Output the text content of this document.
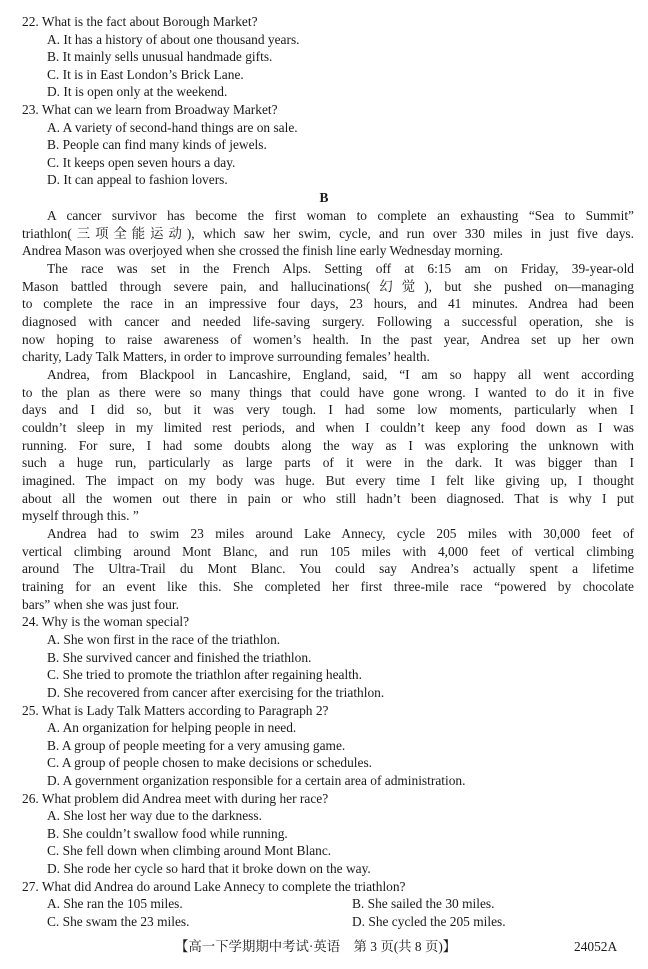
22. What is the fact about Borough Market?
A. It has a history of about one thousand years.
B. It mainly sells unusual handmade gifts.
C. It is in East London’s Brick Lane.
D. It is open only at the weekend.
23. What can we learn from Broadway Market?
A. A variety of second-hand things are on sale.
B. People can find many kinds of jewels.
C. It keeps open seven hours a day.
D. It can appeal to fashion lovers.
B
A cancer survivor has become the first woman to complete an exhausting “Sea to Summit”
triathlon(三项全能运动), which saw her swim, cycle, and run over 330 miles in just five days.
Andrea Mason was overjoyed when she crossed the finish line early Wednesday morning.
The race was set in the French Alps. Setting off at 6:15 am on Friday, 39-year-old
Mason battled through severe pain, and hallucinations(幻觉), but she pushed on—managing
to complete the race in an impressive four days, 23 hours, and 41 minutes. Andrea had been
diagnosed with cancer and needed life-saving surgery. Following a successful operation, she is
now hoping to raise awareness of women’s health. In the past year, Andrea set up her own
charity, Lady Talk Matters, in order to improve surrounding females’ health.
Andrea, from Blackpool in Lancashire, England, said, “I am so happy all went according
to the plan as there were so many things that could have gone wrong. I wanted to do it in five
days and I did so, but it was very tough. I had some low moments, particularly when I
couldn’t sleep in my limited rest periods, and when I couldn’t keep any food down as I was
running. For sure, I had some doubts along the way as I was exploring the unknown with
such a huge run, particularly as large parts of it were in the dark. It was bigger than I
imagined. The impact on my body was huge. But every time I felt like giving up, I thought
about all the women out there in pain or who still hadn’t been diagnosed. That is why I put
myself through this. ”
Andrea had to swim 23 miles around Lake Annecy, cycle 205 miles with 30,000 feet of
vertical climbing around Mont Blanc, and run 105 miles with 4,000 feet of vertical climbing
around The Ultra-Trail du Mont Blanc. You could say Andrea’s actually spent a lifetime
training for an event like this. She completed her first three-mile race “powered by chocolate
bars” when she was just four.
24. Why is the woman special?
A. She won first in the race of the triathlon.
B. She survived cancer and finished the triathlon.
C. She tried to promote the triathlon after regaining health.
D. She recovered from cancer after exercising for the triathlon.
25. What is Lady Talk Matters according to Paragraph 2?
A. An organization for helping people in need.
B. A group of people meeting for a very amusing game.
C. A group of people chosen to make decisions or schedules.
D. A government organization responsible for a certain area of administration.
26. What problem did Andrea meet with during her race?
A. She lost her way due to the darkness.
B. She couldn’t swallow food while running.
C. She fell down when climbing around Mont Blanc.
D. She rode her cycle so hard that it broke down on the way.
27. What did Andrea do around Lake Annecy to complete the triathlon?
A. She ran the 105 miles.	B. She sailed the 30 miles.
C. She swam the 23 miles.	D. She cycled the 205 miles.
【高一下学期期中考试·英语　第 3 页(共 8 页)】	24052A
